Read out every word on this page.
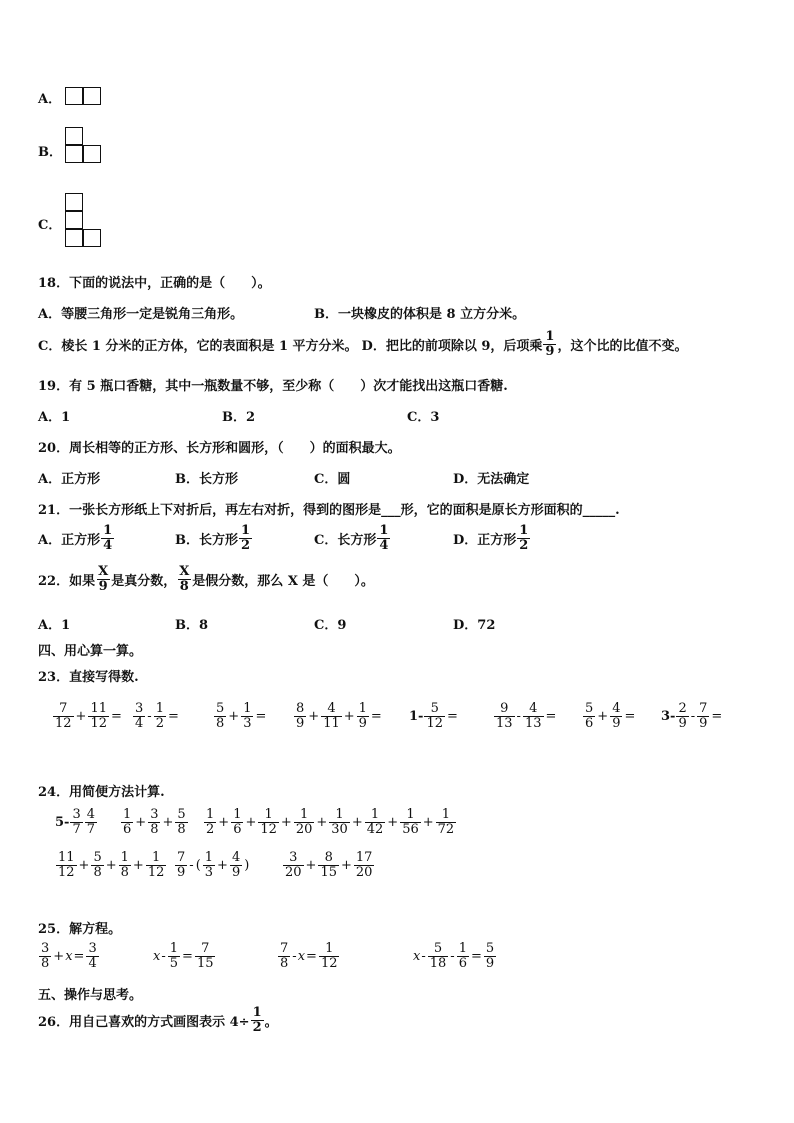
A．
B．
C．
18．下面的说法中，正确的是（　　）。
A．等腰三角形一定是锐角三角形。	B．一块橡皮的体积是 8 立方分米。
C．棱长 1 分米的正方体，它的表面积是 1 平方分米。 D．把比的前项除以 9，后项乘 $\frac{1}{9}$ ，这个比的比值不变。
19．有 5 瓶口香糖，其中一瓶数量不够，至少称（　　）次才能找出这瓶口香糖.
A．1	B．2	C．3
20．周长相等的正方形、长方形和圆形，（　　）的面积最大。
A．正方形	B．长方形	C．圆	D．无法确定
21．一张长方形纸上下对折后，再左右对折，得到的图形是___形，它的面积是原长方形面积的_____.
A．正方形 $\frac{1}{4}$	B．长方形 $\frac{1}{2}$	C．长方形 $\frac{1}{4}$	D．正方形 $\frac{1}{2}$
22．如果 $\frac{X}{9}$ 是真分数， $\frac{X}{8}$ 是假分数，那么 X 是（　　）。
A．1	B．8	C．9	D．72
四、用心算一算。
23．直接写得数.
$\frac{7}{12} + \frac{11}{12} = \frac{3}{4} - \frac{1}{2}$ =	$\frac{5}{8} + \frac{1}{3} = \frac{8}{9} + \frac{4}{11} + \frac{1}{9} = 1- \frac{5}{12}$ =	$\frac{9}{13} - \frac{4}{13} = \frac{5}{6} + \frac{4}{9} = 3- \frac{2}{9} - \frac{7}{9}$ =
24．用简便方法计算.
$5- \frac{3}{7} \frac{4}{7} \frac{1}{6} + \frac{3}{8} + \frac{5}{8} \frac{1}{2} + \frac{1}{6} + \frac{1}{12} + \frac{1}{20} + \frac{1}{30} + \frac{1}{42} + \frac{1}{56} + \frac{1}{72}$
$\frac{11}{12} + \frac{5}{8} + \frac{1}{8} + \frac{1}{12} \frac{7}{9}$ - ( $\frac{1}{3} + \frac{4}{9}$ )	$\frac{3}{20} + \frac{8}{15} + \frac{17}{20}$
25．解方程。
$\frac{3}{8} + x = \frac{3}{4}$	$x - \frac{1}{5} = \frac{7}{15}$	$\frac{7}{8} - x = \frac{1}{12}$	$x - \frac{5}{18} - \frac{1}{6} = \frac{5}{9}$
五、操作与思考。
26．用自己喜欢的方式画图表示 $4\div \frac{1}{2}$ 。
